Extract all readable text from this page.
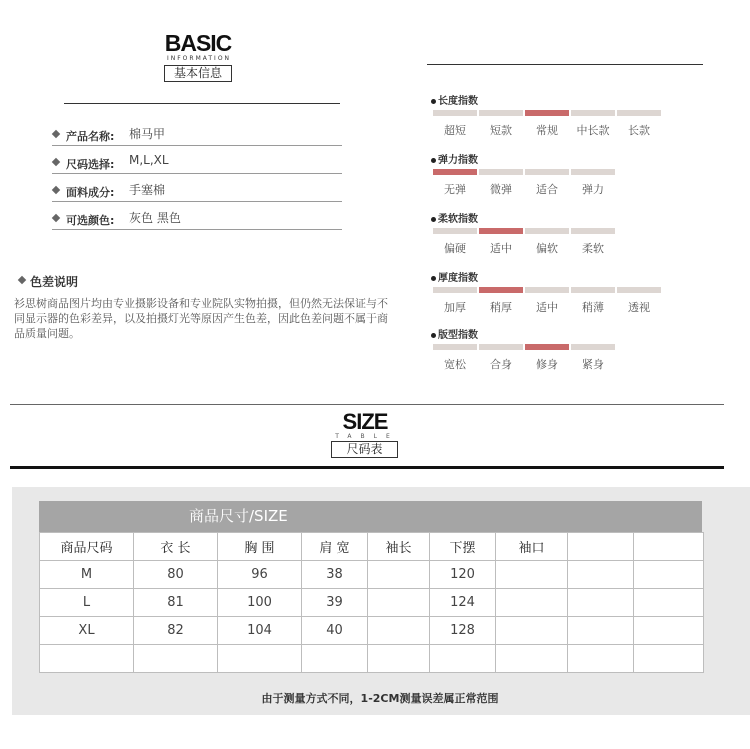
BASIC
INFORMATION
基本信息
产品名称: 棉马甲
尺码选择: M,L,XL
面料成分: 手塞棉
可选颜色: 灰色 黑色
色差说明
衫思树商品图片均由专业摄影设备和专业院队实物拍摄，但仍然无法保证与不同显示器的色彩差异，以及拍摄灯光等原因产生色差，因此色差问题不属于商品质量问题。
长度指数
超短	短款	常规	中长款	长款
弹力指数
无弹	微弹	适合	弹力
柔软指数
偏硬	适中	偏软	柔软
厚度指数
加厚	稍厚	适中	稍薄	透视
版型指数
宽松	合身	修身	紧身
SIZE
TABLE
尺码表
商品尺寸/SIZE
商品尺码	衣 长	胸 围	肩 宽	袖长	下摆	袖口		
M	80	96	38		120			
L	81	100	39		124			
XL	82	104	40		128			

由于测量方式不同，1-2CM测量误差属正常范围
